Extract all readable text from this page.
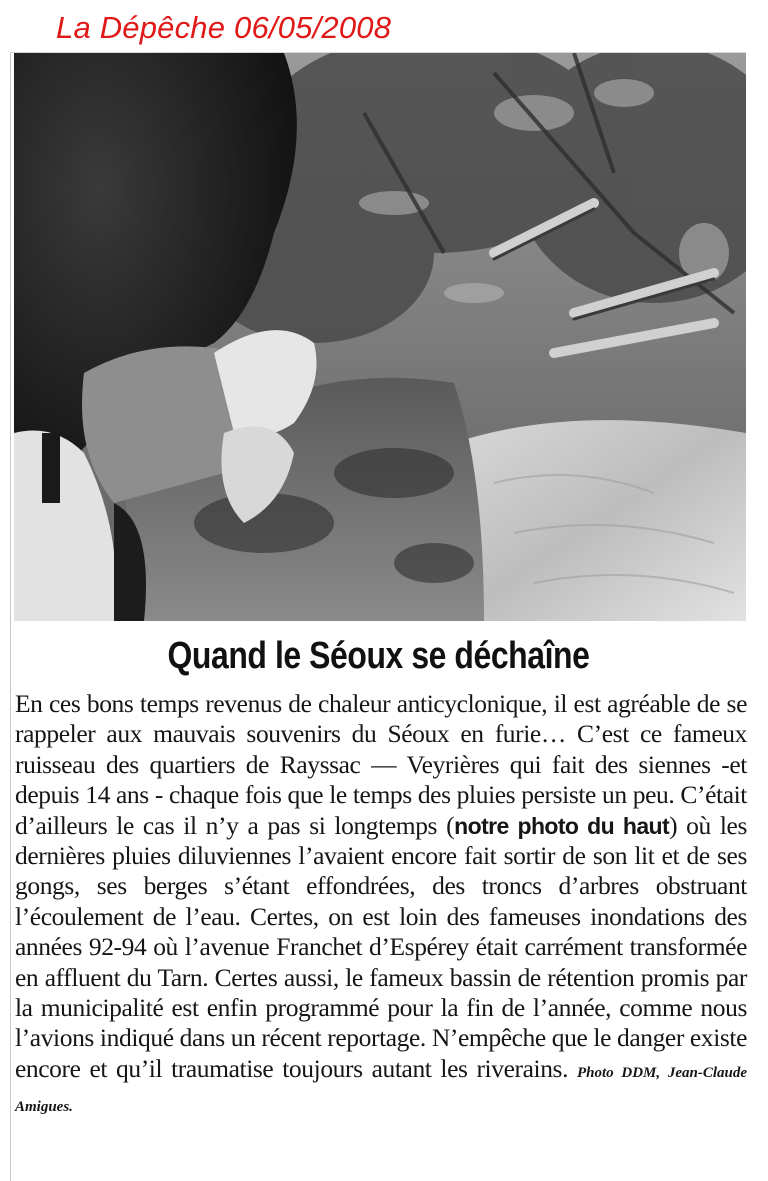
La Dépêche 06/05/2008
Quand le Séoux se déchaîne
En ces bons temps revenus de chaleur anticyclonique, il est agréable de se rappeler aux mauvais souvenirs du Séoux en furie… C’est ce fameux ruisseau des quartiers de Rayssac — Veyrières qui fait des siennes -et depuis 14 ans - chaque fois que le temps des pluies persiste un peu. C’était d’ailleurs le cas il n’y a pas si longtemps (notre photo du haut) où les dernières pluies diluviennes l’avaient encore fait sortir de son lit et de ses gongs, ses berges s’étant effondrées, des troncs d’arbres obstruant l’écoulement de l’eau. Certes, on est loin des fameuses inondations des années 92-94 où l’avenue Franchet d’Espérey était carrément transformée en affluent du Tarn. Certes aussi, le fameux bassin de rétention promis par la municipalité est enfin programmé pour la fin de l’année, comme nous l’avions indiqué dans un récent reportage. N’empêche que le danger existe encore et qu’il traumatise toujours autant les riverains. Photo DDM, Jean-Claude Amigues.
